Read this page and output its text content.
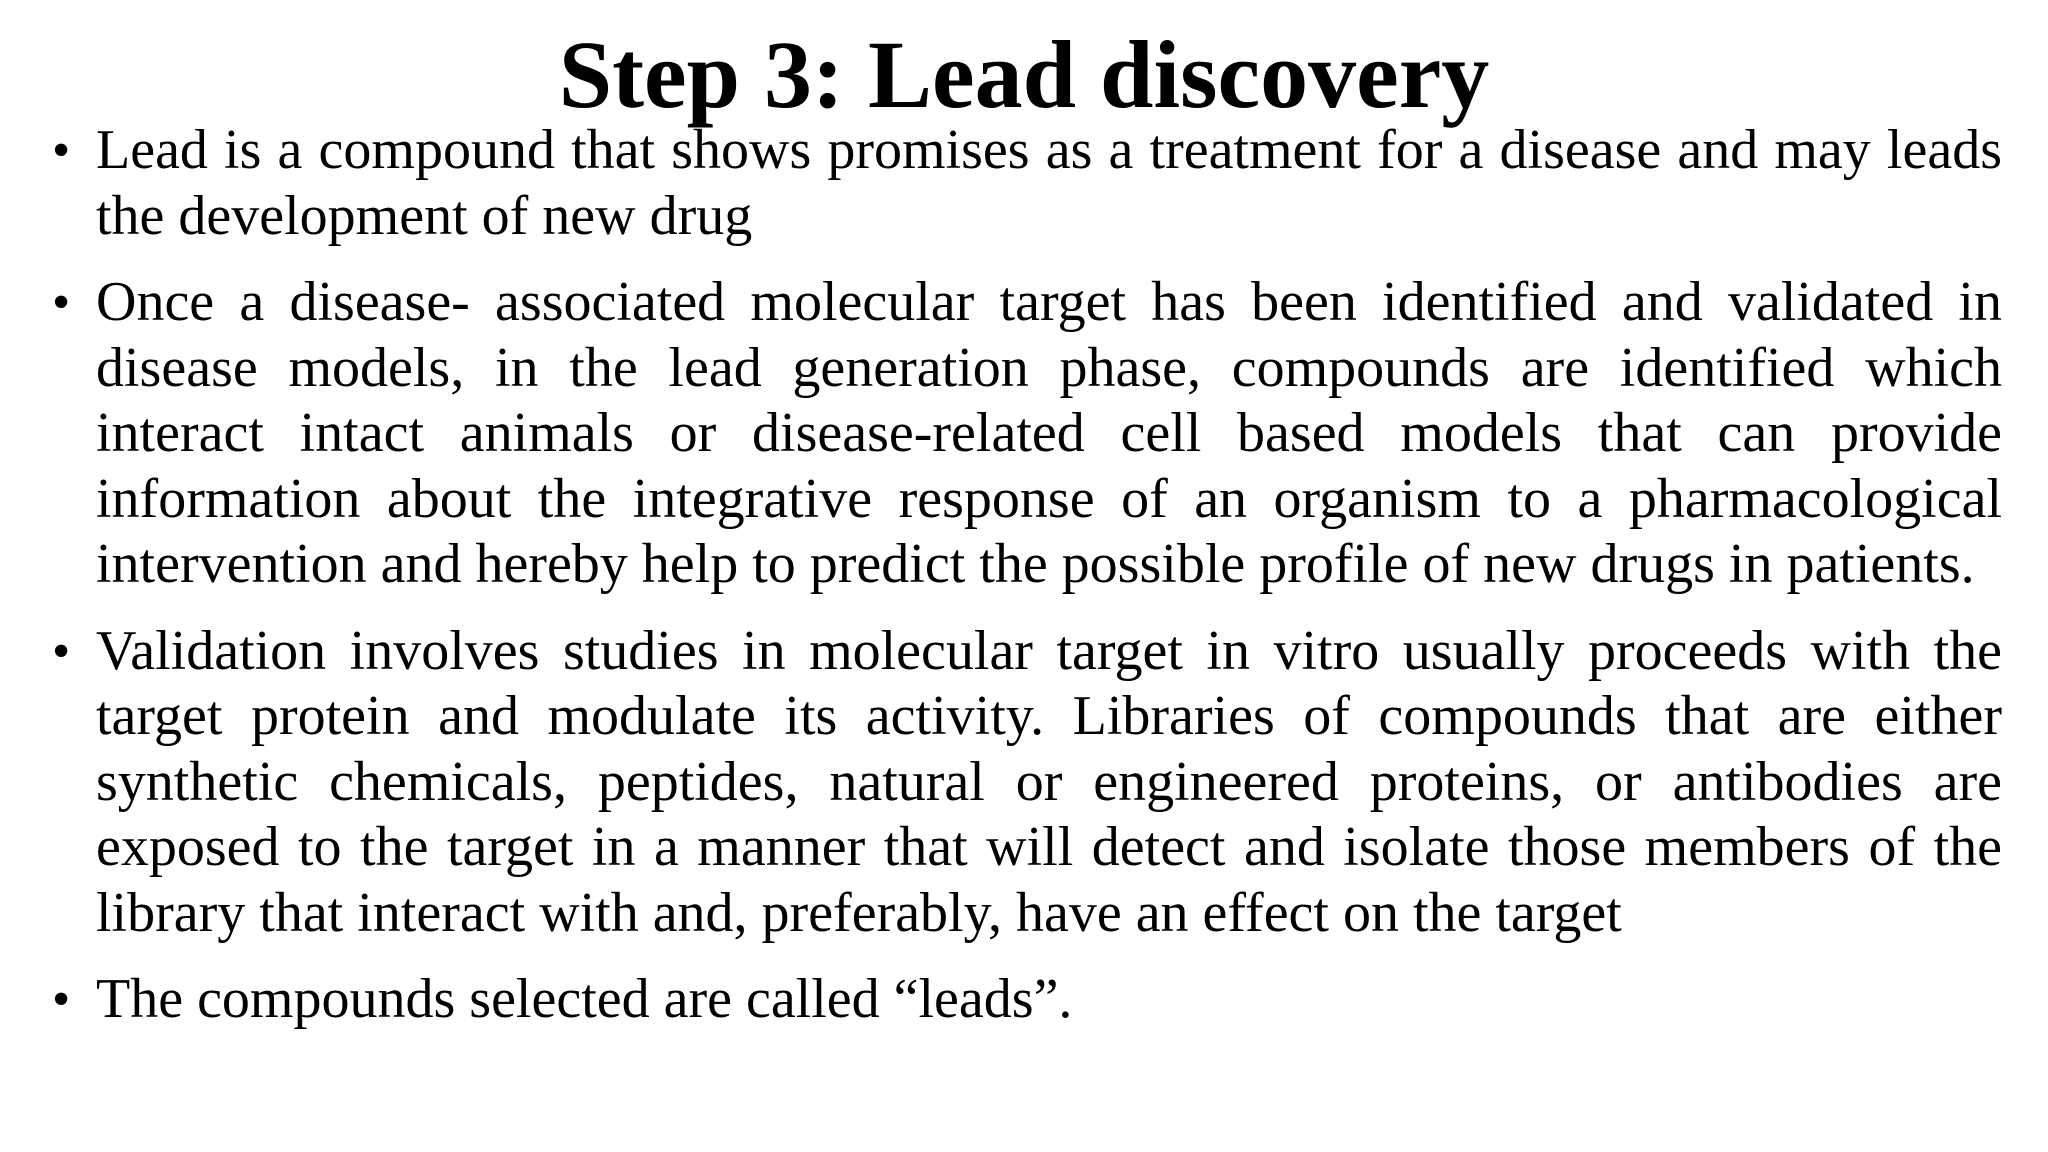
Step 3: Lead discovery
• Lead is a compound that shows promises as a treatment for a disease and may leads the development of new drug
• Once a disease- associated molecular target has been identified and validated in disease models, in the lead generation phase, compounds are identified which interact intact animals or disease-related cell based models that can provide information about the integrative response of an organism to a pharmacological intervention and hereby help to predict the possible profile of new drugs in patients.
• Validation involves studies in molecular target in vitro usually proceeds with the target protein and modulate its activity. Libraries of compounds that are either synthetic chemicals, peptides, natural or engineered proteins, or antibodies are exposed to the target in a manner that will detect and isolate those members of the library that interact with and, preferably, have an effect on the target
• The compounds selected are called “leads”.
